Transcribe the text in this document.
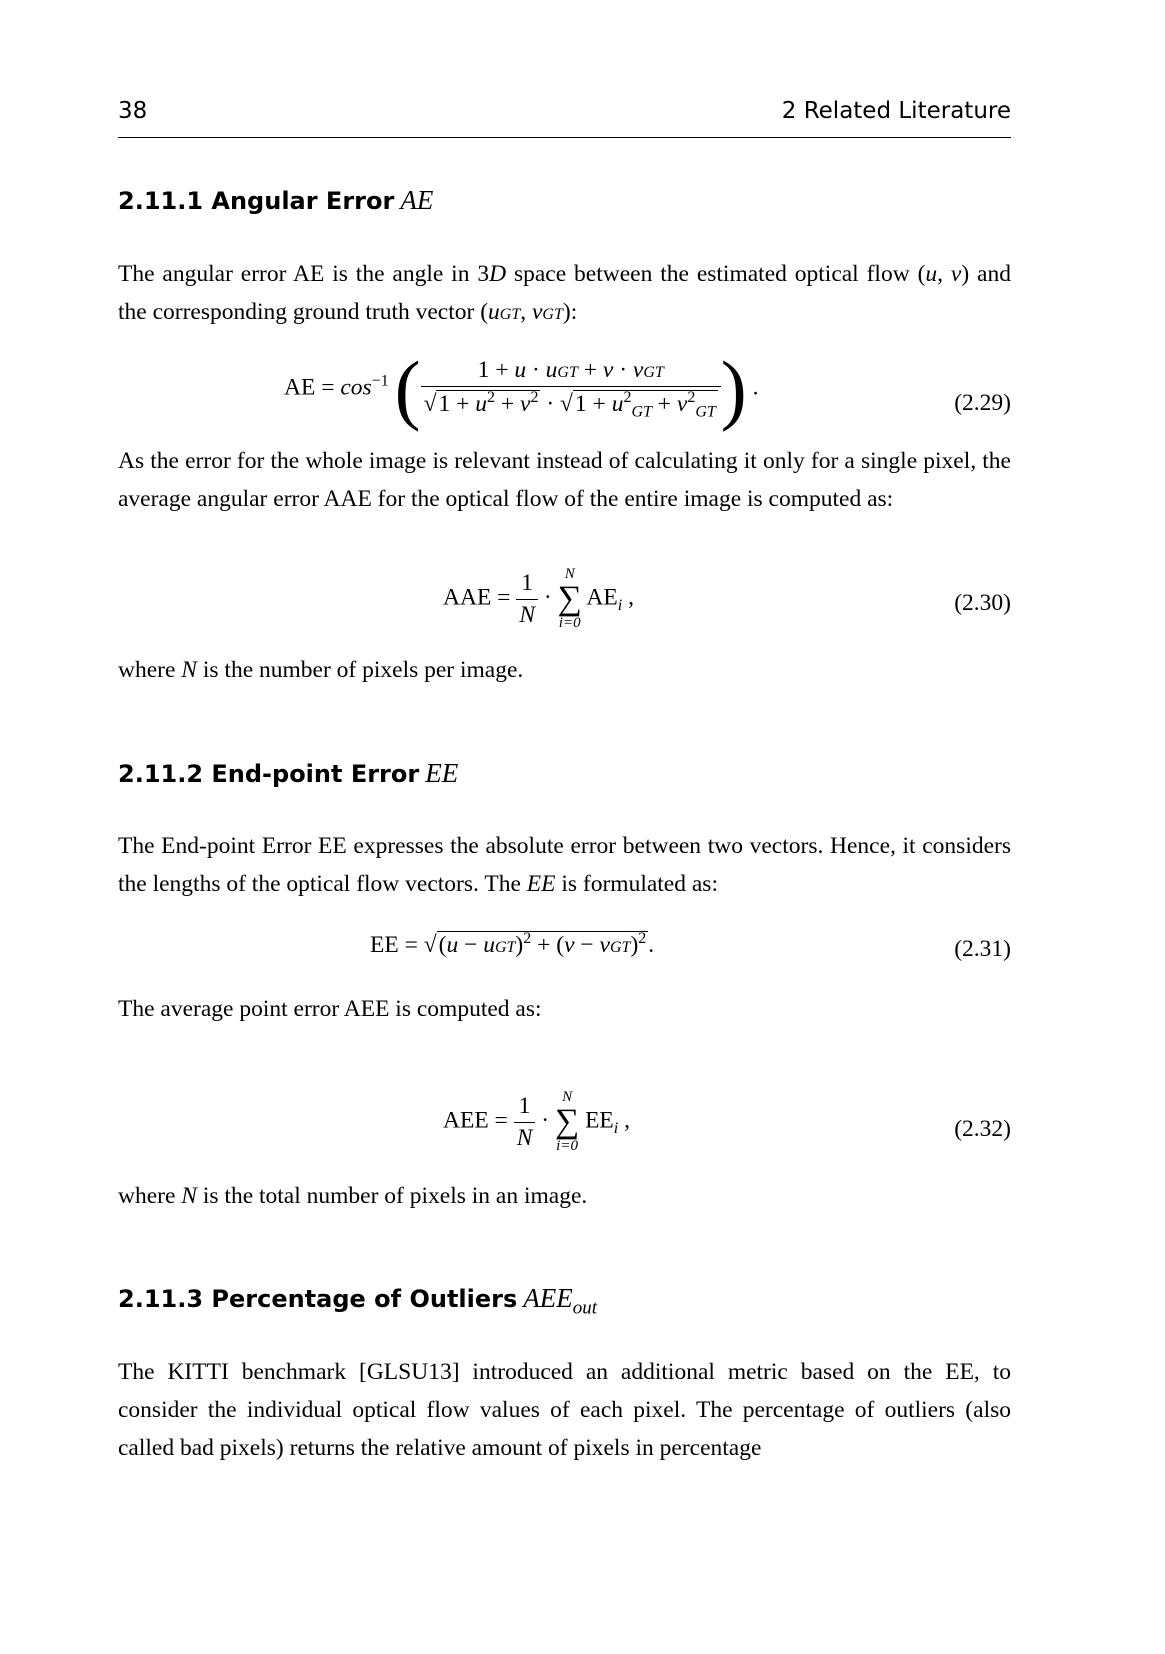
38	2 Related Literature
2.11.1 Angular Error AE
The angular error AE is the angle in 3D space between the estimated optical flow (u, v) and the corresponding ground truth vector (uGT, vGT):
AE = $\cos^{-1}$ ( $\frac{\text{1 + u · uGT + v · vGT}}{√1 + u^2 + v^2 \cdot √1 + u^2_{GT} + v^2_{GT}}$ ) .
(2.29)
As the error for the whole image is relevant instead of calculating it only for a single pixel, the average angular error AAE for the optical flow of the entire image is computed as:
AAE = $\frac{1}{N}$ ·
N
∑
i=0
$AE_i$ ,	(2.30)
where N is the number of pixels per image.
2.11.2 End-point Error EE
The End-point Error EE expresses the absolute error between two vectors. Hence, it considers the lengths of the optical flow vectors. The EE is formulated as:
EE = √(u − uGT)$^2$ + (v − vGT)$^2$.	(2.31)
The average point error AEE is computed as:
AEE = $\frac{1}{N}$ ·
N
∑
i=0
$EE_i$ ,	(2.32)
where N is the total number of pixels in an image.
2.11.3 Percentage of Outliers $AEE_{out}$
The KITTI benchmark [GLSU13] introduced an additional metric based on the EE, to consider the individual optical flow values of each pixel. The percentage of outliers (also called bad pixels) returns the relative amount of pixels in percentage
